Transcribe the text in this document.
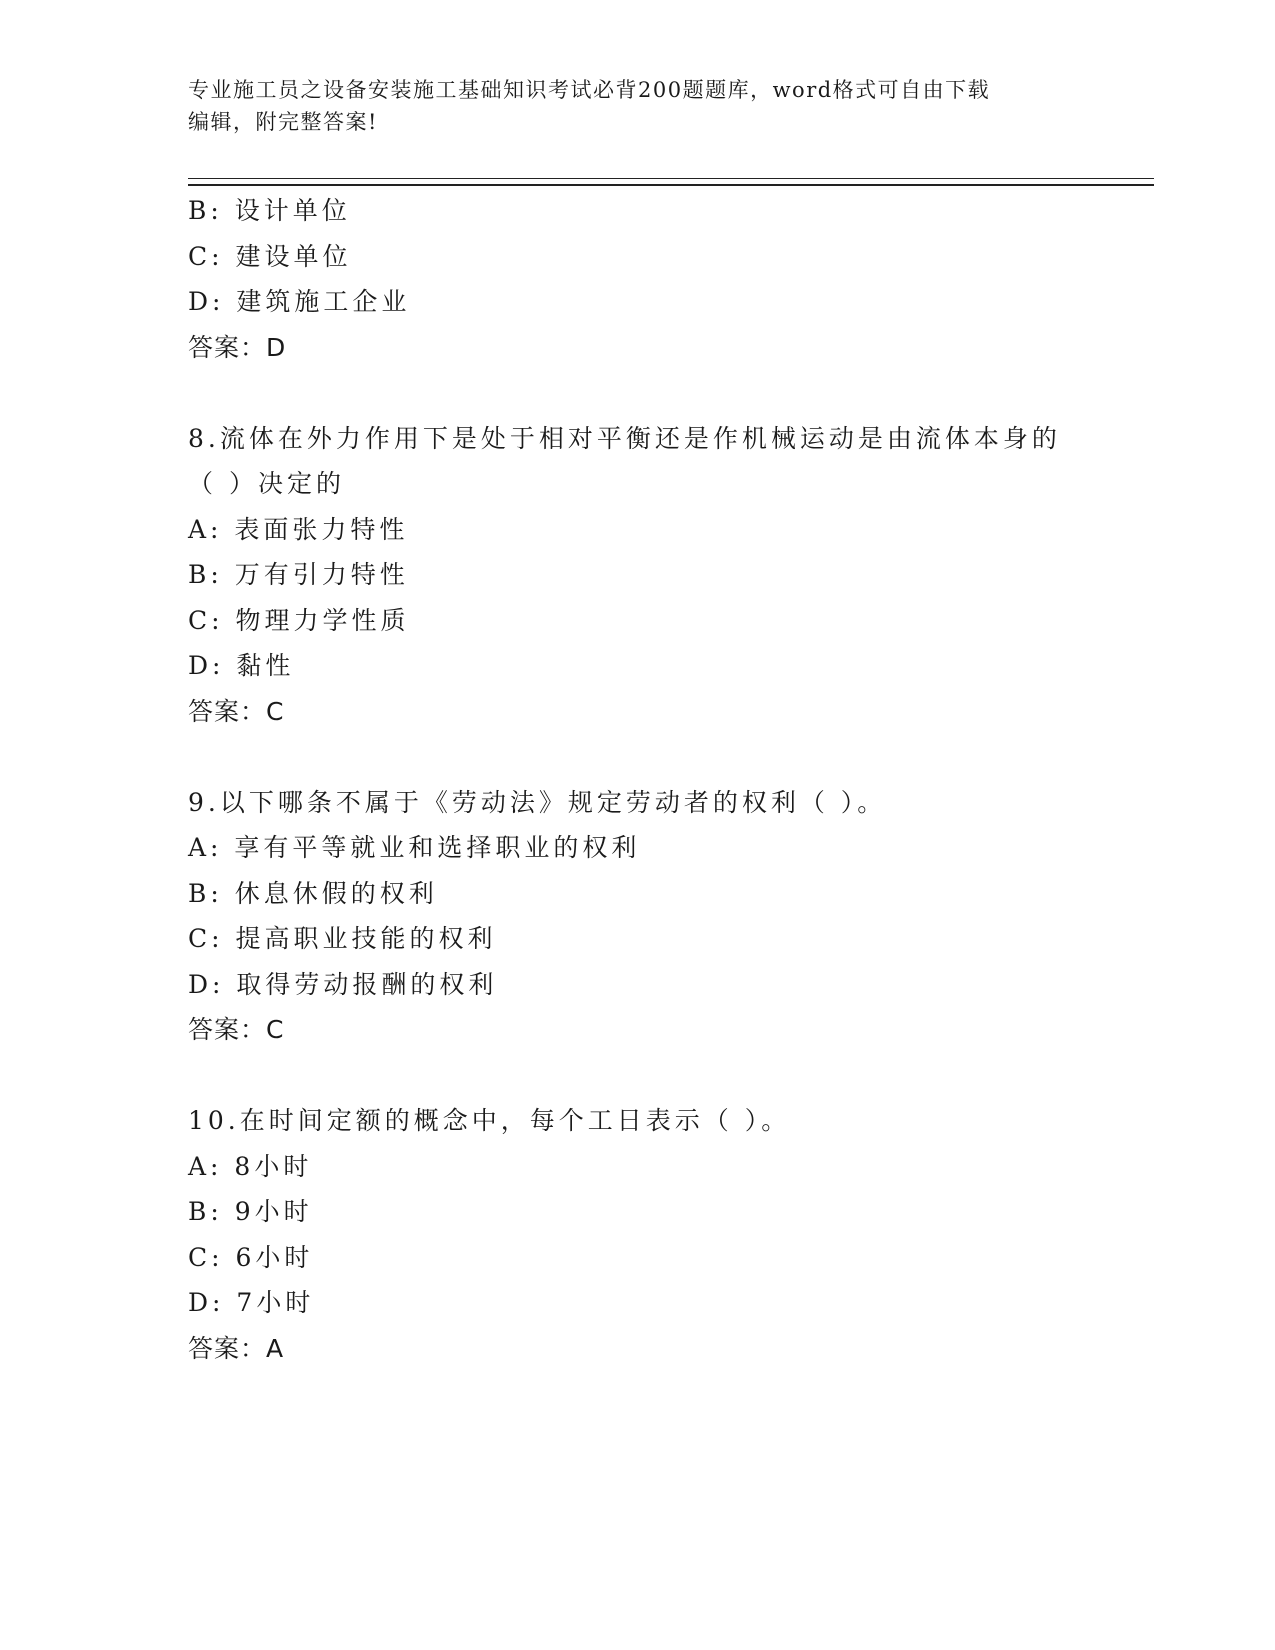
专业施工员之设备安装施工基础知识考试必背200题题库，word格式可自由下载
编辑，附完整答案!
B: 设计单位
C: 建设单位
D: 建筑施工企业
答案：D
8.流体在外力作用下是处于相对平衡还是作机械运动是由流体本身的
（ ）决定的
A: 表面张力特性
B: 万有引力特性
C: 物理力学性质
D: 黏性
答案：C
9.以下哪条不属于《劳动法》规定劳动者的权利（ ）。
A: 享有平等就业和选择职业的权利
B: 休息休假的权利
C: 提高职业技能的权利
D: 取得劳动报酬的权利
答案：C
10.在时间定额的概念中，每个工日表示（ ）。
A: 8小时
B: 9小时
C: 6小时
D: 7小时
答案：A
